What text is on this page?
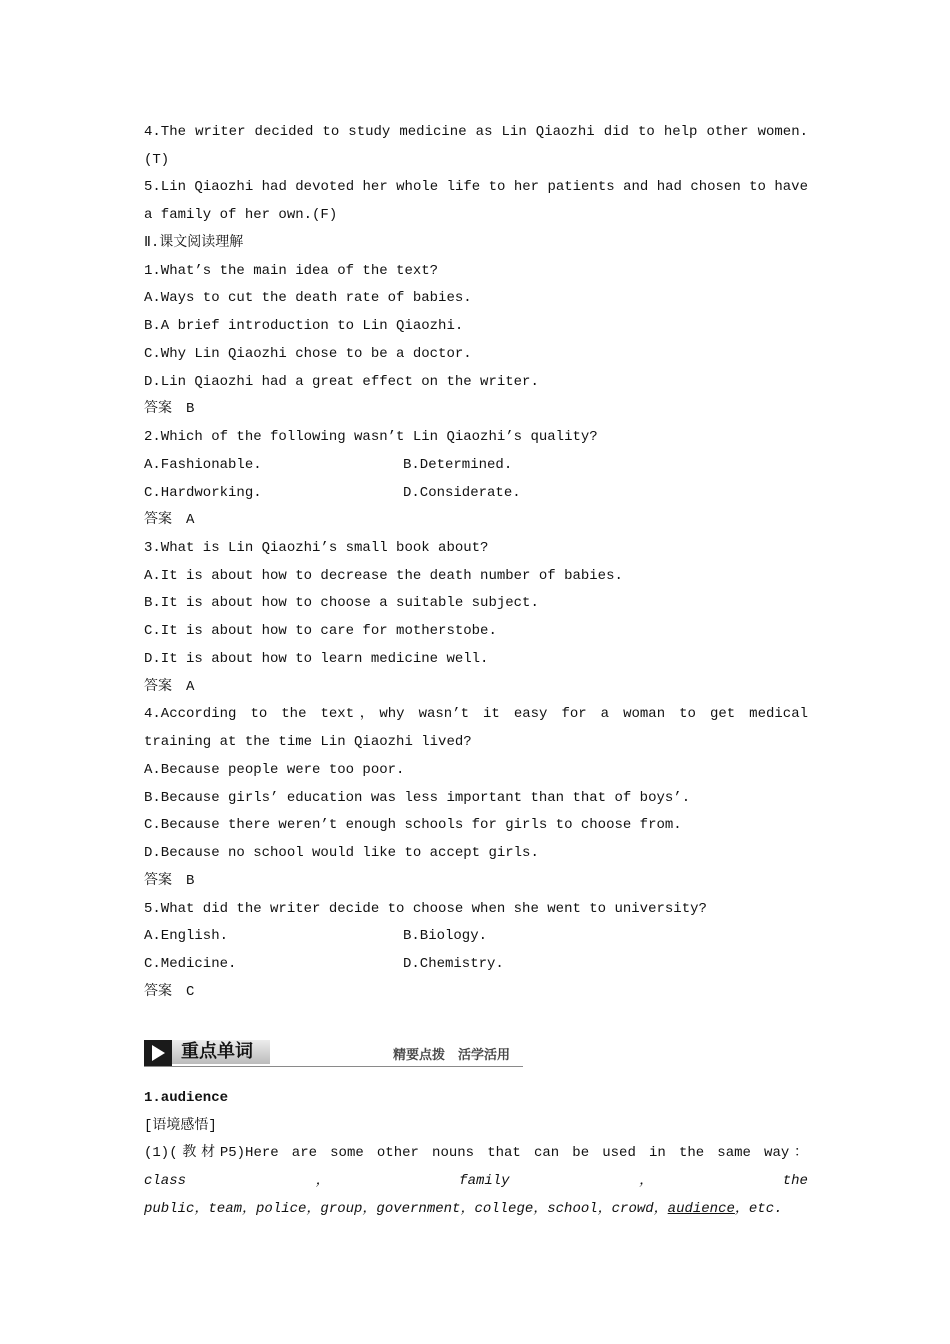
4.The writer decided to study medicine as Lin Qiaozhi did to help other women.
(T)
5.Lin Qiaozhi had devoted her whole life to her patients and had chosen to have
a family of her own.(F)
Ⅱ.课文阅读理解
1.What’s the main idea of the text?
A.Ways to cut the death rate of babies.
B.A brief introduction to Lin Qiaozhi.
C.Why Lin Qiaozhi chose to be a doctor.
D.Lin Qiaozhi had a great effect on the writer.
答案　B
2.Which of the following wasn’t Lin Qiaozhi’s quality?
A.Fashionable.	B.Determined.
C.Hardworking.	D.Considerate.
答案　A
3.What is Lin Qiaozhi’s small book about?
A.It is about how to decrease the death number of babies.
B.It is about how to choose a suitable subject.
C.It is about how to care for motherstobe.
D.It is about how to learn medicine well.
答案　A
4.According to the text，why wasn’t it easy for a woman to get medical
training at the time Lin Qiaozhi lived?
A.Because people were too poor.
B.Because girls’ education was less important than that of boys’.
C.Because there weren’t enough schools for girls to choose from.
D.Because no school would like to accept girls.
答案　B
5.What did the writer decide to choose when she went to university?
A.English.	B.Biology.
C.Medicine.	D.Chemistry.
答案　C
重点单词	精要点拨　活学活用
1.audience
[语境感悟]
(1)(教材P5)Here are some other nouns that can be used in the same way：
class	，	family	，	the
public，team，police，group，government，college，school，crowd，audience，etc.
